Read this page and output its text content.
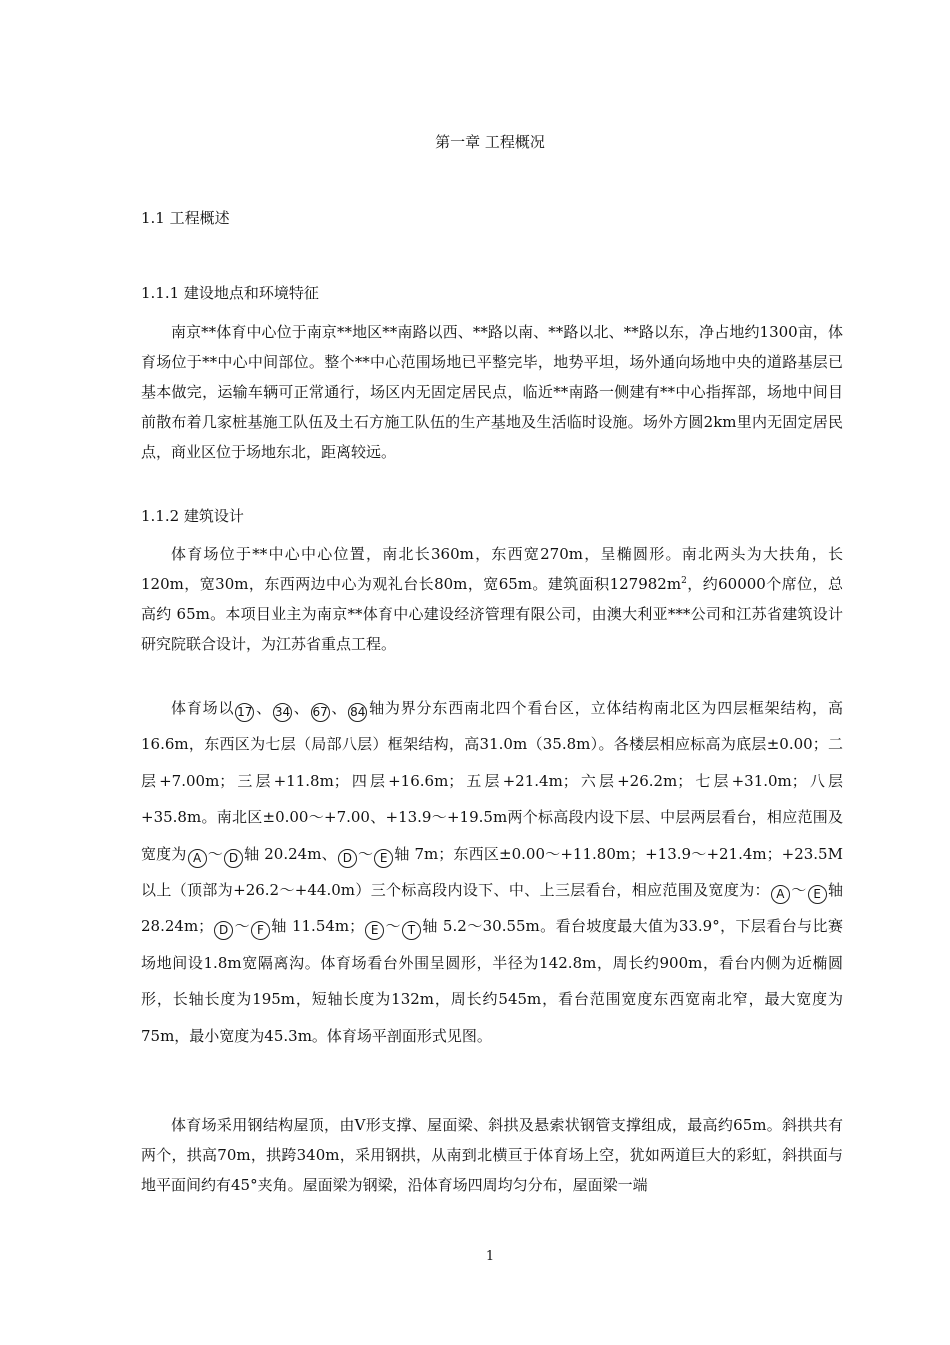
第一章 工程概况
1.1 工程概述
1.1.1 建设地点和环境特征

南京**体育中心位于南京**地区**南路以西、**路以南、**路以北、**路以东，净占地约1300亩，体育场位于**中心中间部位。整个**中心范围场地已平整完毕，地势平坦，场外通向场地中央的道路基层已基本做完，运输车辆可正常通行，场区内无固定居民点，临近**南路一侧建有**中心指挥部，场地中间目前散布着几家桩基施工队伍及土石方施工队伍的生产基地及生活临时设施。场外方圆2km里内无固定居民点，商业区位于场地东北，距离较远。

1.1.2 建筑设计

体育场位于**中心中心位置，南北长360m，东西宽270m，呈椭圆形。南北两头为大扶角，长120m，宽30m，东西两边中心为观礼台长80m，宽65m。建筑面积$127982m^2$，约60000个席位，总高约 65m。本项目业主为南京**体育中心建设经济管理有限公司，由澳大利亚***公司和江苏省建筑设计研究院联合设计，为江苏省重点工程。

体育场以 17 、 34 、 67 、 84 轴为界分东西南北四个看台区，立体结构南北区为四层框架结构，高16.6m，东西区为七层（局部八层）框架结构，高31.0m（35.8m）。各楼层相应标高为底层±0.00；二层+7.00m；三层+11.8m；四层+16.6m；五层+21.4m；六层+26.2m；七层+31.0m；八层+35.8m。南北区±0.00～+7.00、+13.9～+19.5m两个标高段内设下层、中层两层看台，相应范围及宽度为 A ～ D 轴 20.24m、 D ～ E 轴 7m；东西区±0.00～+11.80m；+13.9～+21.4m；+23.5M以上（顶部为+26.2～+44.0m）三个标高段内设下、中、上三层看台，相应范围及宽度为： A ～ E 轴 28.24m； D ～ F 轴 11.54m； E ～ T 轴 5.2～30.55m。看台坡度最大值为33.9°，下层看台与比赛场地间设1.8m宽隔离沟。体育场看台外围呈圆形，半径为142.8m，周长约900m，看台内侧为近椭圆形，长轴长度为195m，短轴长度为132m，周长约545m，看台范围宽度东西宽南北窄，最大宽度为75m，最小宽度为45.3m。体育场平剖面形式见图。

体育场采用钢结构屋顶，由V形支撑、屋面梁、斜拱及悬索状钢管支撑组成，最高约65m。斜拱共有两个，拱高70m，拱跨340m，采用钢拱，从南到北横亘于体育场上空，犹如两道巨大的彩虹，斜拱面与地平面间约有45°夹角。屋面梁为钢梁，沿体育场四周均匀分布，屋面梁一端

1
